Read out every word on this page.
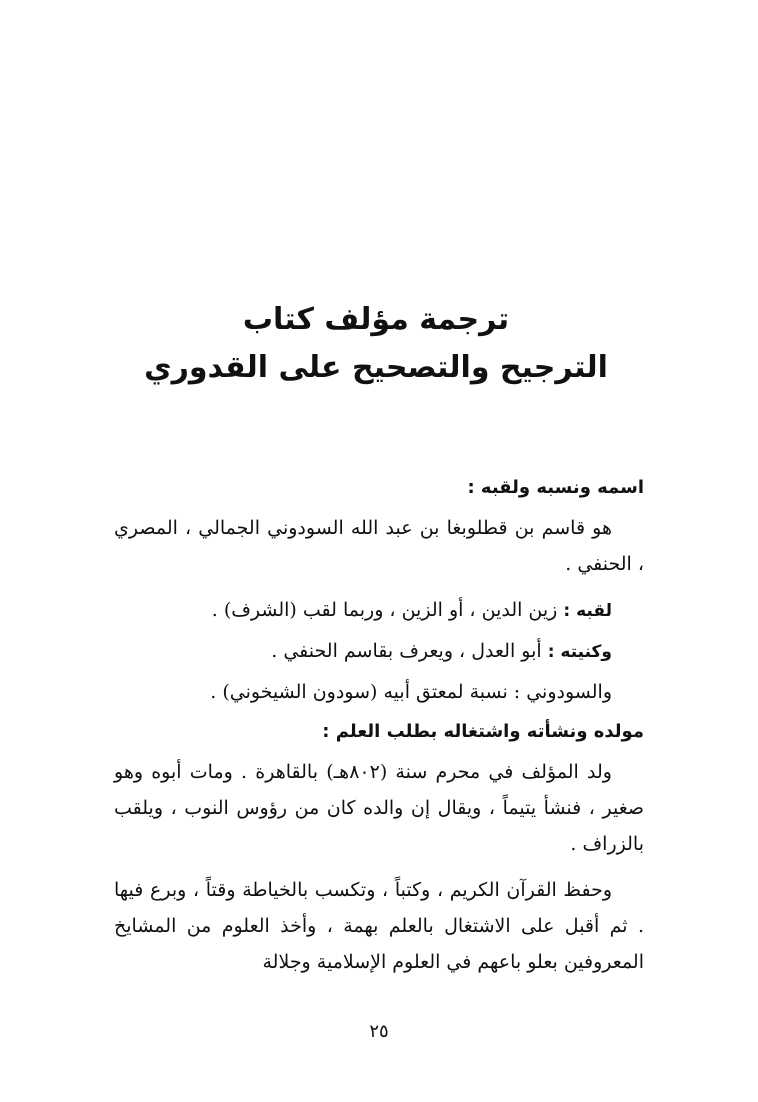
ترجمة مؤلف كتاب

الترجيح والتصحيح على القدوري

اسمه ونسبه ولقبه :

هو قاسم بن قطلوبغا بن عبد الله السودوني الجمالي ، المصري ، الحنفي .

لقبه : زين الدين ، أو الزين ، وربما لقب (الشرف) .

وكنيته : أبو العدل ، ويعرف بقاسم الحنفي .

والسودوني : نسبة لمعتق أبيه (سودون الشيخوني) .

مولده ونشأته واشتغاله بطلب العلم :

ولد المؤلف في محرم سنة (٨٠٢هـ) بالقاهرة . ومات أبوه وهو صغير ، فنشأ يتيماً ، ويقال إن والده كان من رؤوس النوب ، ويلقب بالزراف .

وحفظ القرآن الكريم ، وكتباً ، وتكسب بالخياطة وقتاً ، وبرع فيها . ثم أقبل على الاشتغال بالعلم بهمة ، وأخذ العلوم من المشايخ المعروفين بعلو باعهم في العلوم الإسلامية وجلالة

٢٥
